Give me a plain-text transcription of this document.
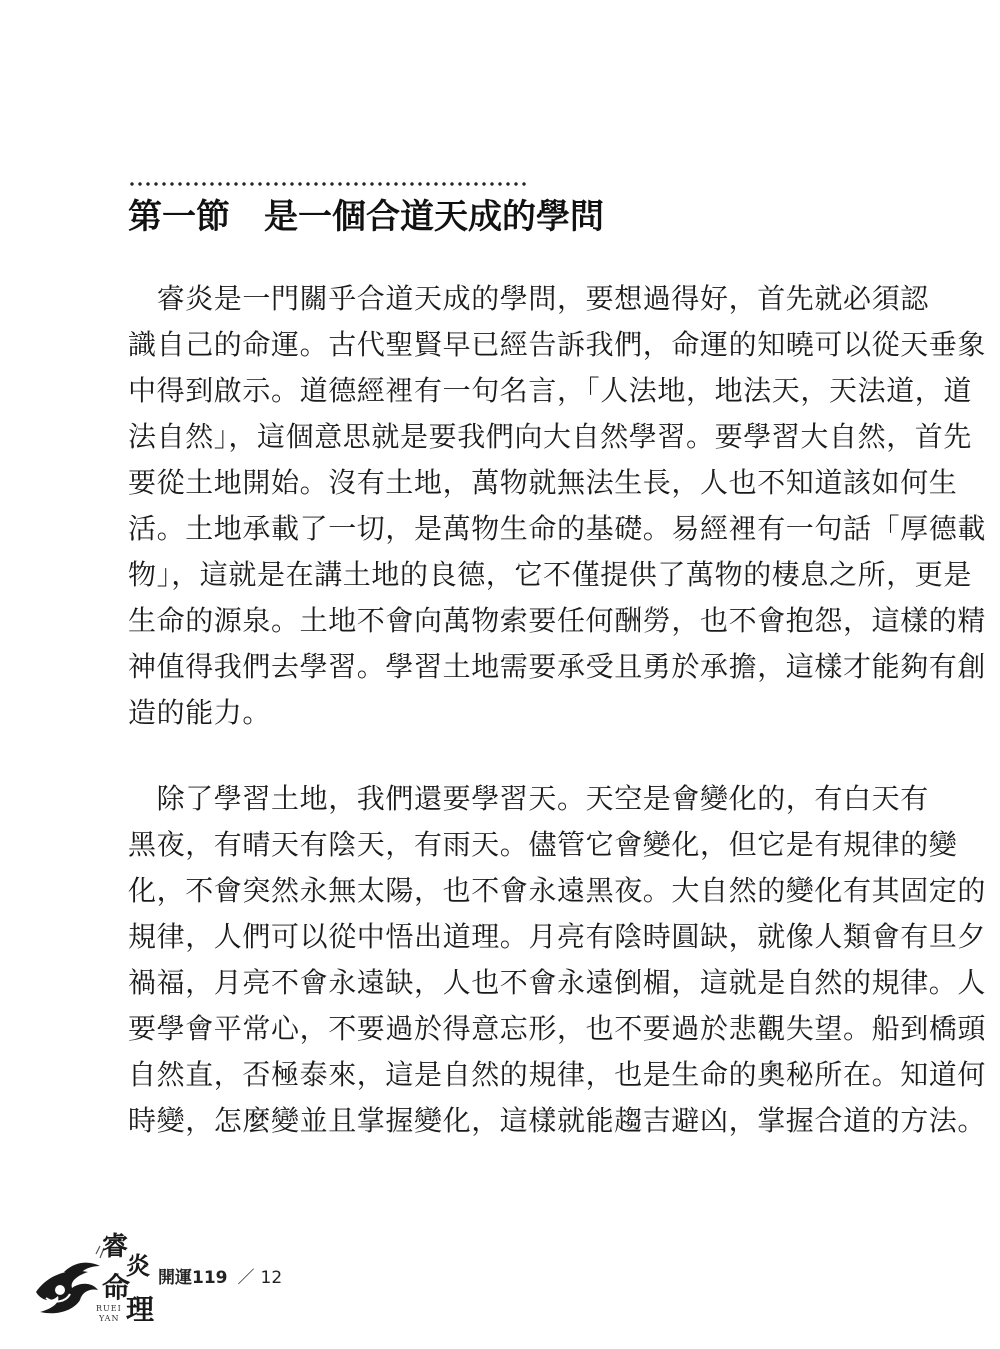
第一節　是一個合道天成的學問
　睿炎是一門關乎合道天成的學問，要想過得好，首先就必須認
識自己的命運。古代聖賢早已經告訴我們，命運的知曉可以從天垂象
中得到啟示。道德經裡有一句名言，「人法地，地法天，天法道，道
法自然」，這個意思就是要我們向大自然學習。要學習大自然，首先
要從土地開始。沒有土地，萬物就無法生長，人也不知道該如何生
活。土地承載了一切，是萬物生命的基礎。易經裡有一句話「厚德載
物」，這就是在講土地的良德，它不僅提供了萬物的棲息之所，更是
生命的源泉。土地不會向萬物索要任何酬勞，也不會抱怨，這樣的精
神值得我們去學習。學習土地需要承受且勇於承擔，這樣才能夠有創
造的能力。
　除了學習土地，我們還要學習天。天空是會變化的，有白天有
黑夜，有晴天有陰天，有雨天。儘管它會變化，但它是有規律的變
化，不會突然永無太陽，也不會永遠黑夜。大自然的變化有其固定的
規律，人們可以從中悟出道理。月亮有陰時圓缺，就像人類會有旦夕
禍福，月亮不會永遠缺，人也不會永遠倒楣，這就是自然的規律。人
要學會平常心，不要過於得意忘形，也不要過於悲觀失望。船到橋頭
自然直，否極泰來，這是自然的規律，也是生命的奧秘所在。知道何
時變，怎麼變並且掌握變化，這樣就能趨吉避凶，掌握合道的方法。
睿
炎
命
理
RUEI
YAN
開運119 ／ 12
